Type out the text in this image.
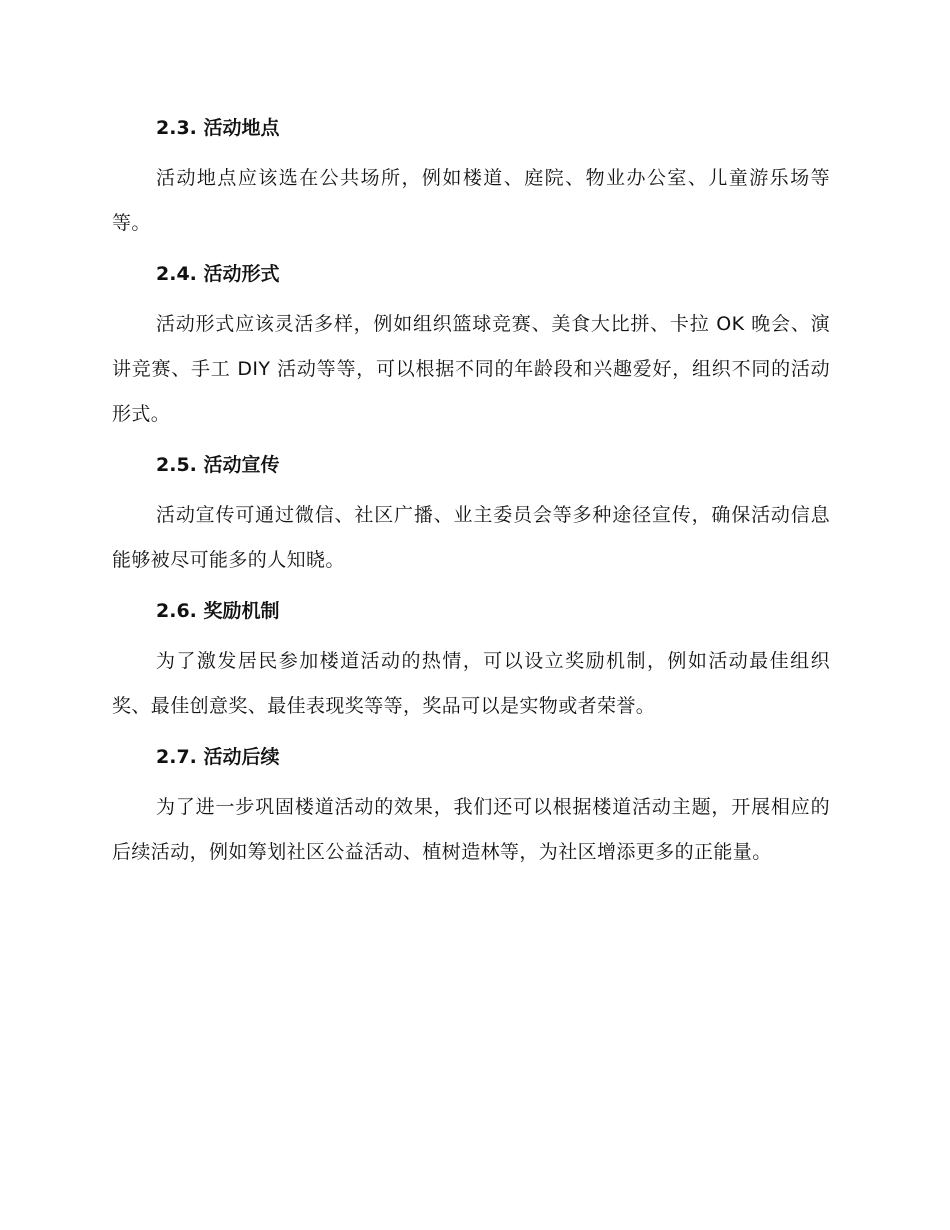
2.3. 活动地点

活动地点应该选在公共场所，例如楼道、庭院、物业办公室、儿童游乐场等等。

2.4. 活动形式

活动形式应该灵活多样，例如组织篮球竞赛、美食大比拼、卡拉 OK 晚会、演讲竞赛、手工 DIY 活动等等，可以根据不同的年龄段和兴趣爱好，组织不同的活动形式。

2.5. 活动宣传

活动宣传可通过微信、社区广播、业主委员会等多种途径宣传，确保活动信息能够被尽可能多的人知晓。

2.6. 奖励机制

为了激发居民参加楼道活动的热情，可以设立奖励机制，例如活动最佳组织奖、最佳创意奖、最佳表现奖等等，奖品可以是实物或者荣誉。

2.7. 活动后续

为了进一步巩固楼道活动的效果，我们还可以根据楼道活动主题，开展相应的后续活动，例如筹划社区公益活动、植树造林等，为社区增添更多的正能量。
